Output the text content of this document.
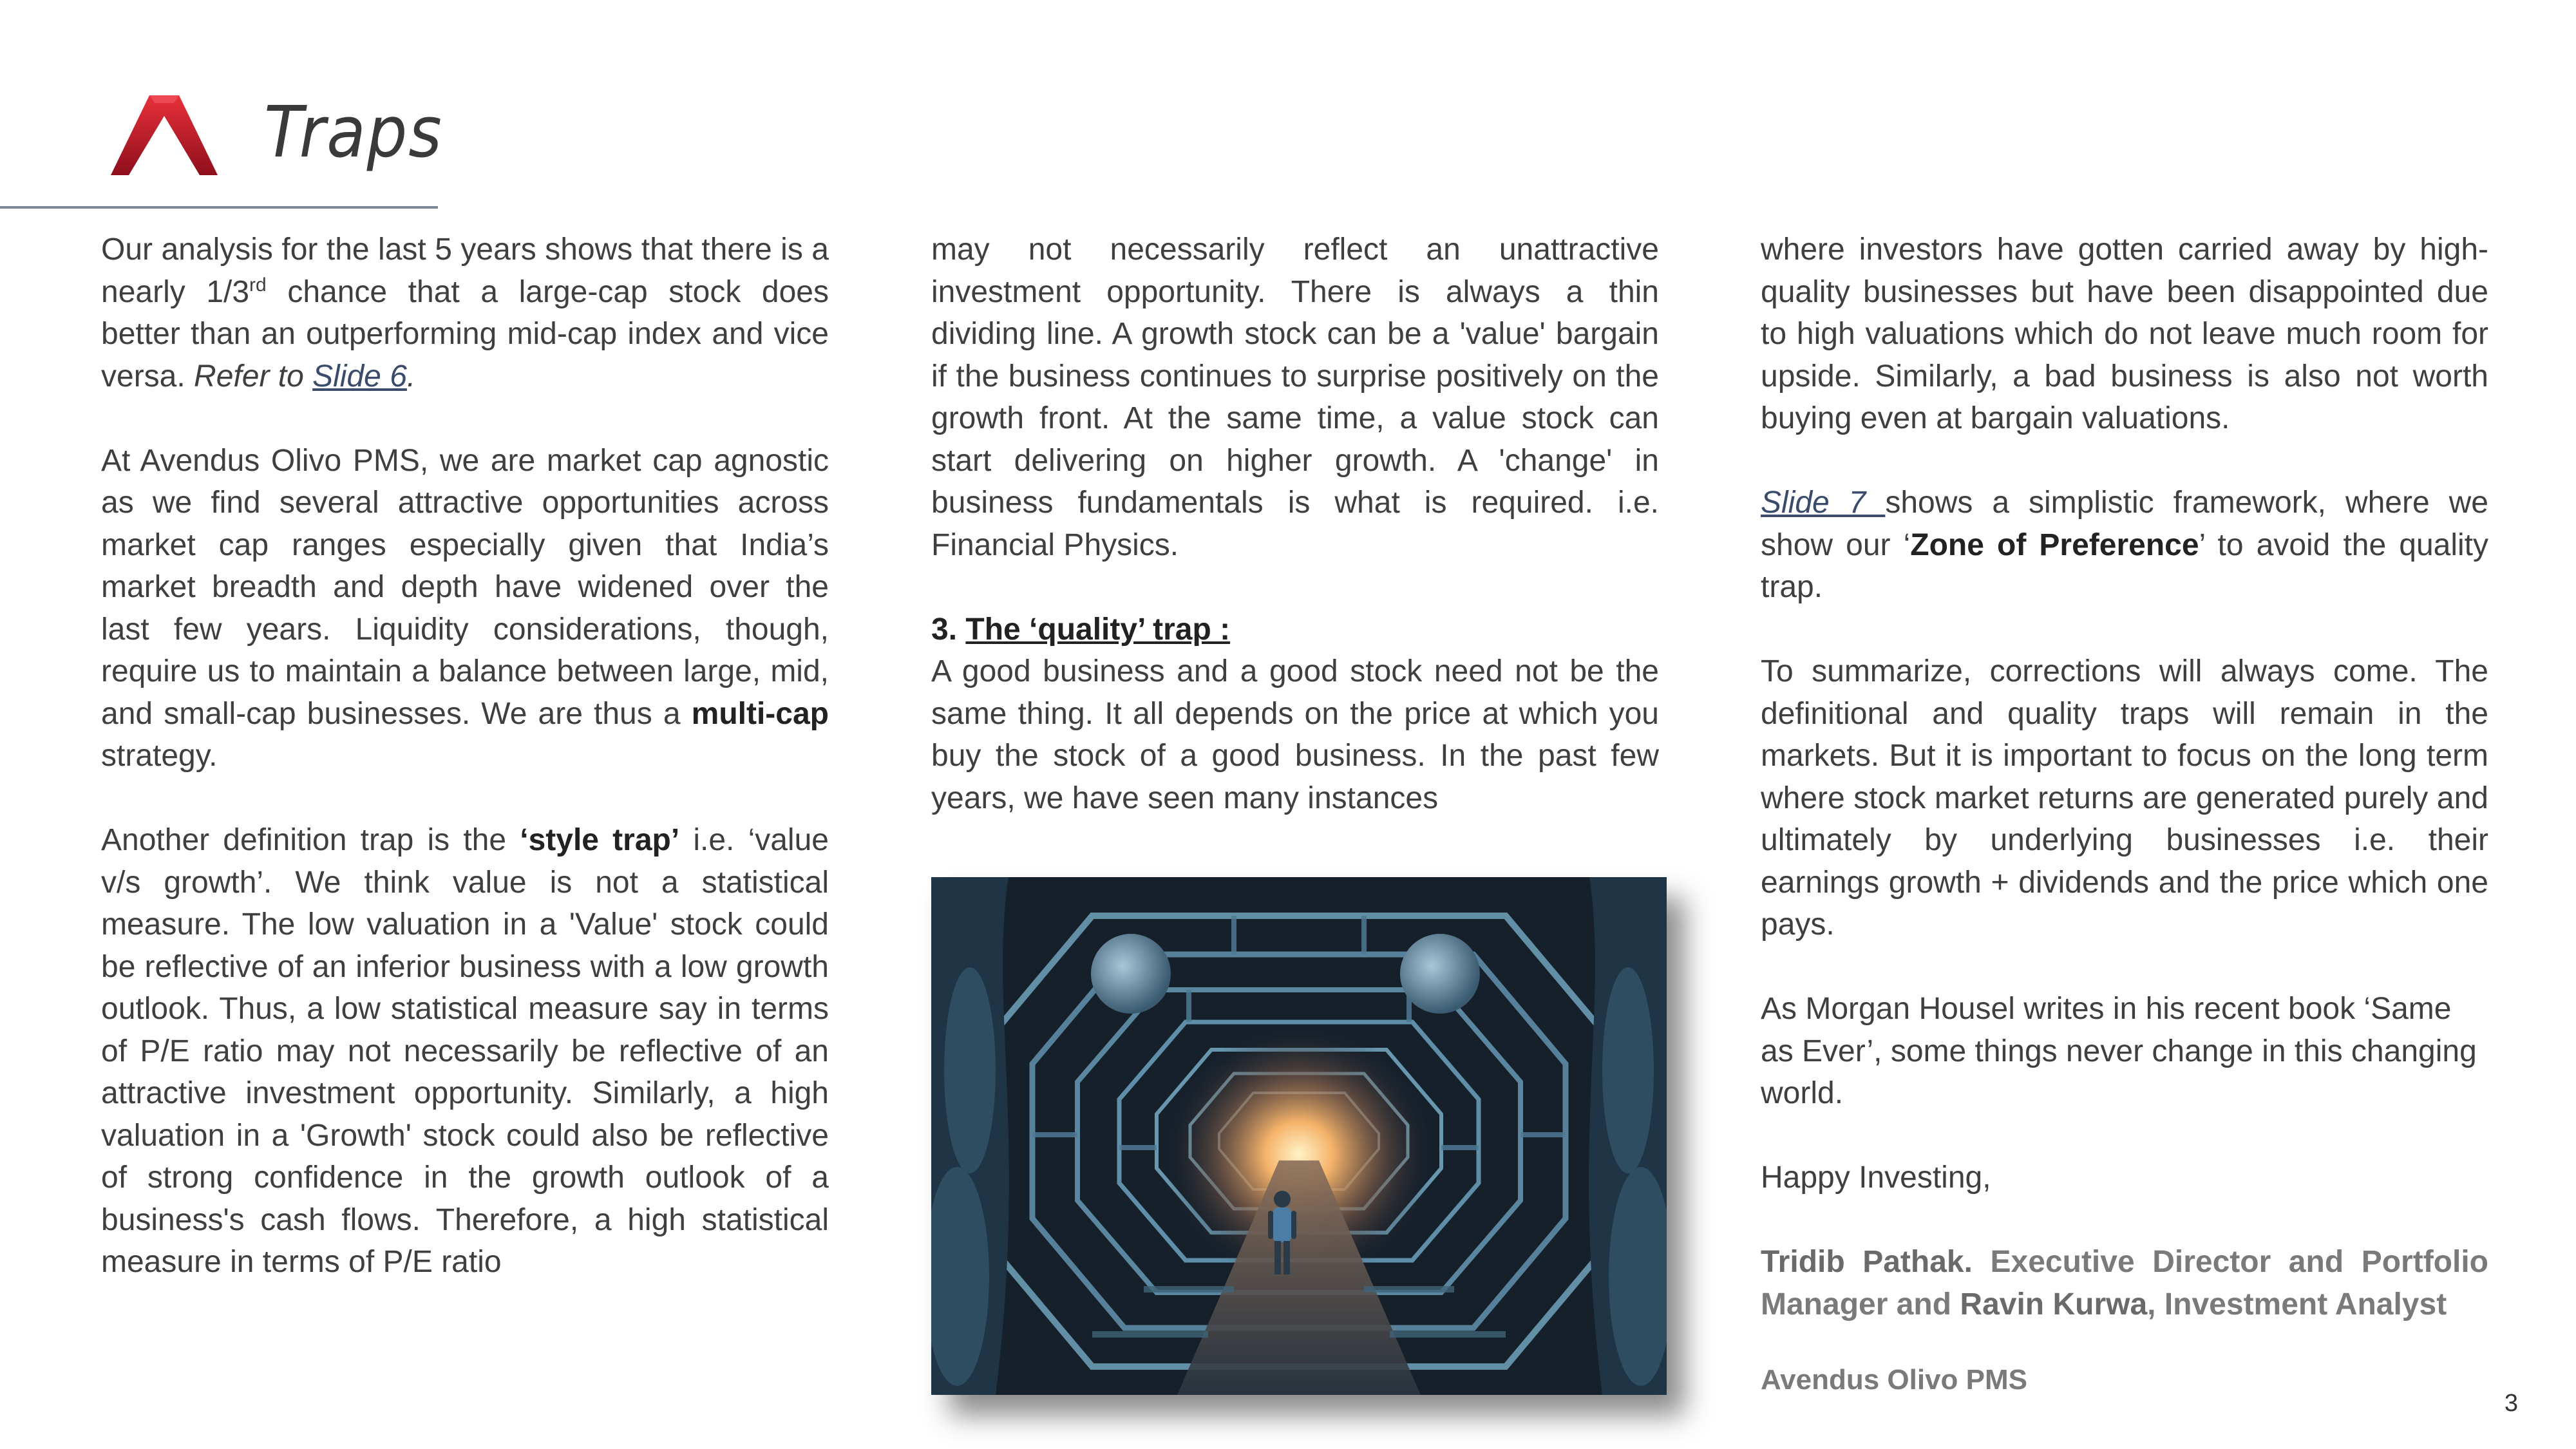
Traps

Our analysis for the last 5 years shows that there is a nearly 1/3rd chance that a large-cap stock does better than an outperforming mid-cap index and vice versa. Refer to Slide 6.

At Avendus Olivo PMS, we are market cap agnostic as we find several attractive opportunities across market cap ranges especially given that India’s market breadth and depth have widened over the last few years. Liquidity considerations, though, require us to maintain a balance between large, mid, and small-cap businesses. We are thus a multi-cap strategy.

Another definition trap is the ‘style trap’ i.e. ‘value v/s growth’. We think value is not a statistical measure. The low valuation in a 'Value' stock could be reflective of an inferior business with a low growth outlook. Thus, a low statistical measure say in terms of P/E ratio may not necessarily be reflective of an attractive investment opportunity. Similarly, a high valuation in a 'Growth' stock could also be reflective of strong confidence in the growth outlook of a business's cash flows. Therefore, a high statistical measure in terms of P/E ratio

may not necessarily reflect an unattractive investment opportunity. There is always a thin dividing line. A growth stock can be a 'value' bargain if the business continues to surprise positively on the growth front. At the same time, a value stock can start delivering on higher growth. A 'change' in business fundamentals is what is required. i.e. Financial Physics.

3. The ‘quality’ trap :

A good business and a good stock need not be the same thing. It all depends on the price at which you buy the stock of a good business. In the past few years, we have seen many instances

where investors have gotten carried away by high-quality businesses but have been disappointed due to high valuations which do not leave much room for upside. Similarly, a bad business is also not worth buying even at bargain valuations.

Slide 7 shows a simplistic framework, where we show our ‘Zone of Preference’ to avoid the quality trap.

To summarize, corrections will always come. The definitional and quality traps will remain in the markets. But it is important to focus on the long term where stock market returns are generated purely and ultimately by underlying businesses i.e. their earnings growth + dividends and the price which one pays.

As Morgan Housel writes in his recent book ‘Same as Ever’, some things never change in this changing world.

Happy Investing,

Tridib Pathak. Executive Director and Portfolio Manager and Ravin Kurwa, Investment Analyst

Avendus Olivo PMS
3
